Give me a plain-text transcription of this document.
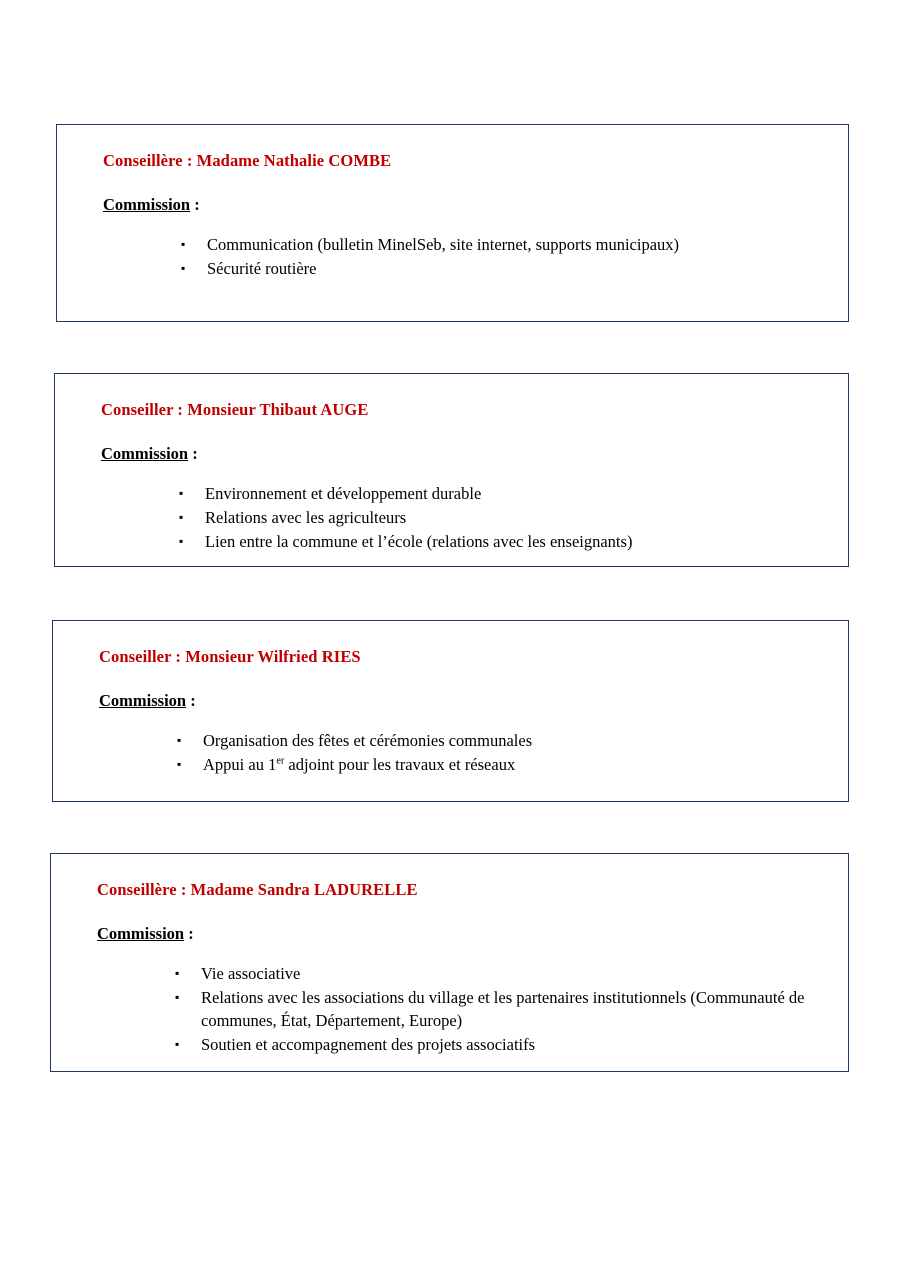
Conseillère : Madame Nathalie COMBE

Commission :

▪ Communication (bulletin MinelSeb, site internet, supports municipaux)
▪ Sécurité routière

Conseiller : Monsieur Thibaut AUGE

Commission :

▪ Environnement et développement durable
▪ Relations avec les agriculteurs
▪ Lien entre la commune et l’école (relations avec les enseignants)

Conseiller : Monsieur Wilfried RIES

Commission :

▪ Organisation des fêtes et cérémonies communales
▪ Appui au 1er adjoint pour les travaux et réseaux

Conseillère : Madame Sandra LADURELLE

Commission :

▪ Vie associative
▪ Relations avec les associations du village et les partenaires institutionnels (Communauté de communes, État, Département, Europe)
▪ Soutien et accompagnement des projets associatifs
